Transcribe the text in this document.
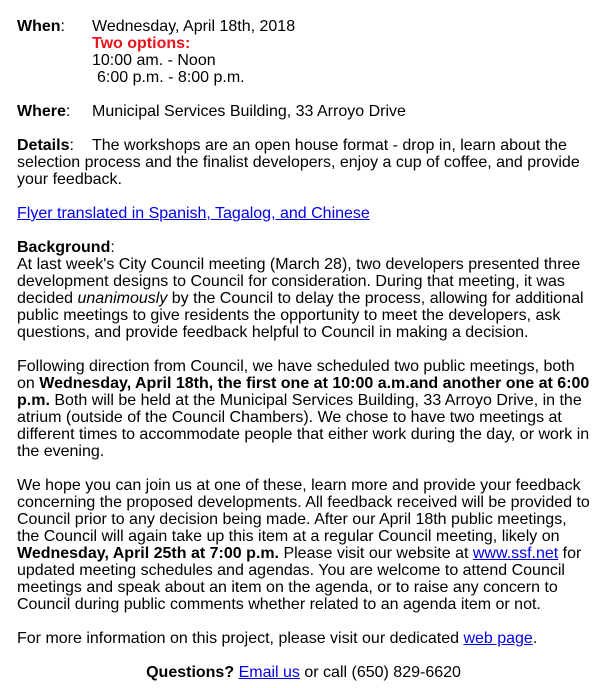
When: Wednesday, April 18th, 2018
Two options:
10:00 am. - Noon
6:00 p.m. - 8:00 p.m.
Where: Municipal Services Building, 33 Arroyo Drive
Details: The workshops are an open house format - drop in, learn about the
selection process and the finalist developers, enjoy a cup of coffee, and provide
your feedback.
Flyer translated in Spanish, Tagalog, and Chinese
Background:
At last week's City Council meeting (March 28), two developers presented three
development designs to Council for consideration. During that meeting, it was
decided unanimously by the Council to delay the process, allowing for additional
public meetings to give residents the opportunity to meet the developers, ask
questions, and provide feedback helpful to Council in making a decision.
Following direction from Council, we have scheduled two public meetings, both
on Wednesday, April 18th, the first one at 10:00 a.m.and another one at 6:00
p.m. Both will be held at the Municipal Services Building, 33 Arroyo Drive, in the
atrium (outside of the Council Chambers). We chose to have two meetings at
different times to accommodate people that either work during the day, or work in
the evening.
We hope you can join us at one of these, learn more and provide your feedback
concerning the proposed developments. All feedback received will be provided to
Council prior to any decision being made. After our April 18th public meetings,
the Council will again take up this item at a regular Council meeting, likely on
Wednesday, April 25th at 7:00 p.m. Please visit our website at www.ssf.net for
updated meeting schedules and agendas. You are welcome to attend Council
meetings and speak about an item on the agenda, or to raise any concern to
Council during public comments whether related to an agenda item or not.
For more information on this project, please visit our dedicated web page.
Questions? Email us or call (650) 829-6620
